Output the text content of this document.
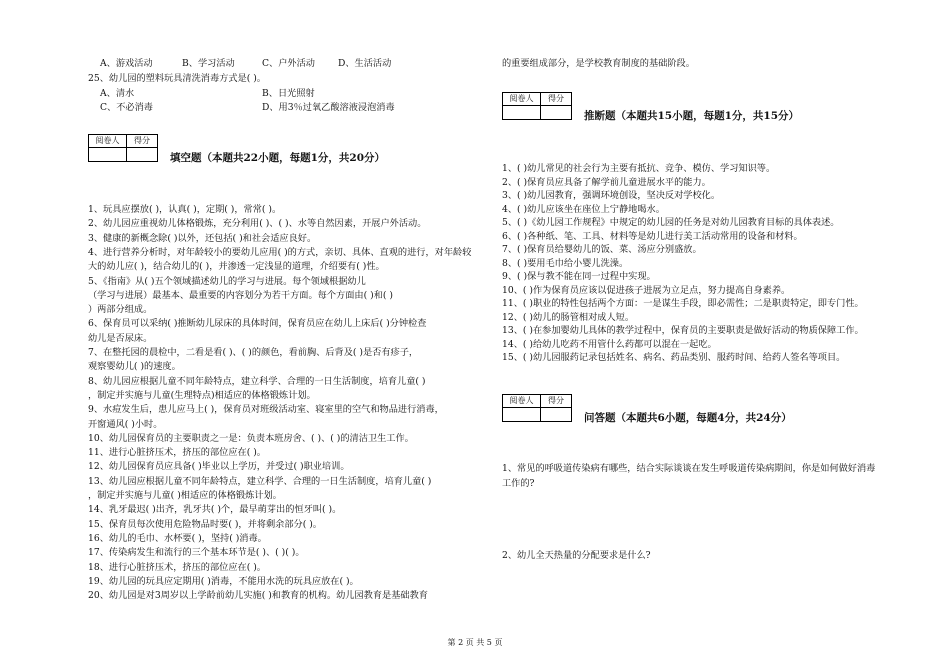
A、游戏活动	B、学习活动	C、户外活动	D、生活活动
25、幼儿园的塑料玩具清洗消毒方式是( )。
A、清水	B、日光照射
C、不必消毒	D、用3％过氧乙酸溶液浸泡消毒
阅卷人	得分
填空题（本题共22小题，每题1分，共20分）
1、玩具应摆放( )，认真( )，定期( )，常常( )。
2、幼儿园应重视幼儿体格锻炼，充分利用( )、( )、水等自然因素，开展户外活动。
3、健康的新概念除( )以外，还包括( )和社会适应良好。
4、进行营养分析时，对年龄较小的要幼儿应用( )的方式，亲切、具体、直观的进行，对年龄较
大的幼儿应( )，结合幼儿的( )，并渗透一定浅显的道理，介绍要有( )性。
5、《指南》从( )五个领域描述幼儿的学习与进展。每个领域根据幼儿
（学习与进展）最基本、最重要的内容划分为若干方面。每个方面由( )和( )
）两部分组成。
6、保育员可以采纳( )推断幼儿尿床的具体时间，保育员应在幼儿上床后( )分钟检查
幼儿是否尿床。
7、在整托园的晨检中，二看是看( )、( )的颜色，看前胸、后背及( )是否有疹子，
观察婴幼儿( )的速度。
8、幼儿园应根据儿童不同年龄特点，建立科学、合理的一日生活制度，培育儿童( )
，制定并实施与儿童(生理特点)相适应的体格锻炼计划。
9、水痘发生后，患儿应马上( )，保育员对班级活动室、寝室里的空气和物品进行消毒，
开窗通风( )小时。
10、幼儿园保育员的主要职责之一是：负责本班房舍、( )、( )的清洁卫生工作。
11、进行心脏挤压术，挤压的部位应在( )。
12、幼儿园保育员应具备( )毕业以上学历，并受过( )职业培训。
13、幼儿园应根据儿童不同年龄特点，建立科学、合理的一日生活制度，培育儿童( )
，制定并实施与儿童( )相适应的体格锻炼计划。
14、乳牙最迟( )出齐，乳牙共( )个，最早萌芽出的恒牙叫( )。
15、保育员每次使用危险物品时要( )，并将剩余部分( )。
16、幼儿的毛巾、水杯要( )，坚持( )消毒。
17、传染病发生和流行的三个基本环节是( )、( )( )。
18、进行心脏挤压术，挤压的部位应在( )。
19、幼儿园的玩具应定期用( )消毒，不能用水洗的玩具应放在( )。
20、幼儿园是对3周岁以上学龄前幼儿实施( )和教育的机构。幼儿园教育是基础教育
的重要组成部分，是学校教育制度的基础阶段。
阅卷人	得分
推断题（本题共15小题，每题1分，共15分）
1、( )幼儿常见的社会行为主要有抵抗、竞争、模仿、学习知识等。
2、( )保育员应具备了解学前儿童进展水平的能力。
3、( )幼儿园教育，强调环境创设，坚决反对学校化。
4、( )幼儿应该坐在座位上宁静地喝水。
5、( )《幼儿园工作规程》中规定的幼儿园的任务是对幼儿园教育目标的具体表述。
6、( )各种纸、笔、工具、材料等是幼儿进行美工活动常用的设备和材料。
7、( )保育员给婴幼儿的饭、菜、汤应分别盛放。
8、( )要用毛巾给小婴儿洗澡。
9、( )保与教不能在同一过程中实现。
10、( )作为保育员应该以促进孩子进展为立足点，努力提高自身素养。
11、( )职业的特性包括两个方面：一是谋生手段，即必需性；二是职责特定，即专门性。
12、( )幼儿的肠管相对成人短。
13、( )在参加婴幼儿具体的教学过程中，保育员的主要职责是做好活动的物质保障工作。
14、( )给幼儿吃药不用管什么药都可以混在一起吃。
15、( )幼儿园服药记录包括姓名、病名、药品类别、服药时间、给药人签名等项目。
阅卷人	得分
问答题（本题共6小题，每题4分，共24分）
1、常见的呼吸道传染病有哪些，结合实际谈谈在发生呼吸道传染病期间，你是如何做好消毒
工作的?
2、幼儿全天热量的分配要求是什么?
第 2 页 共 5 页
